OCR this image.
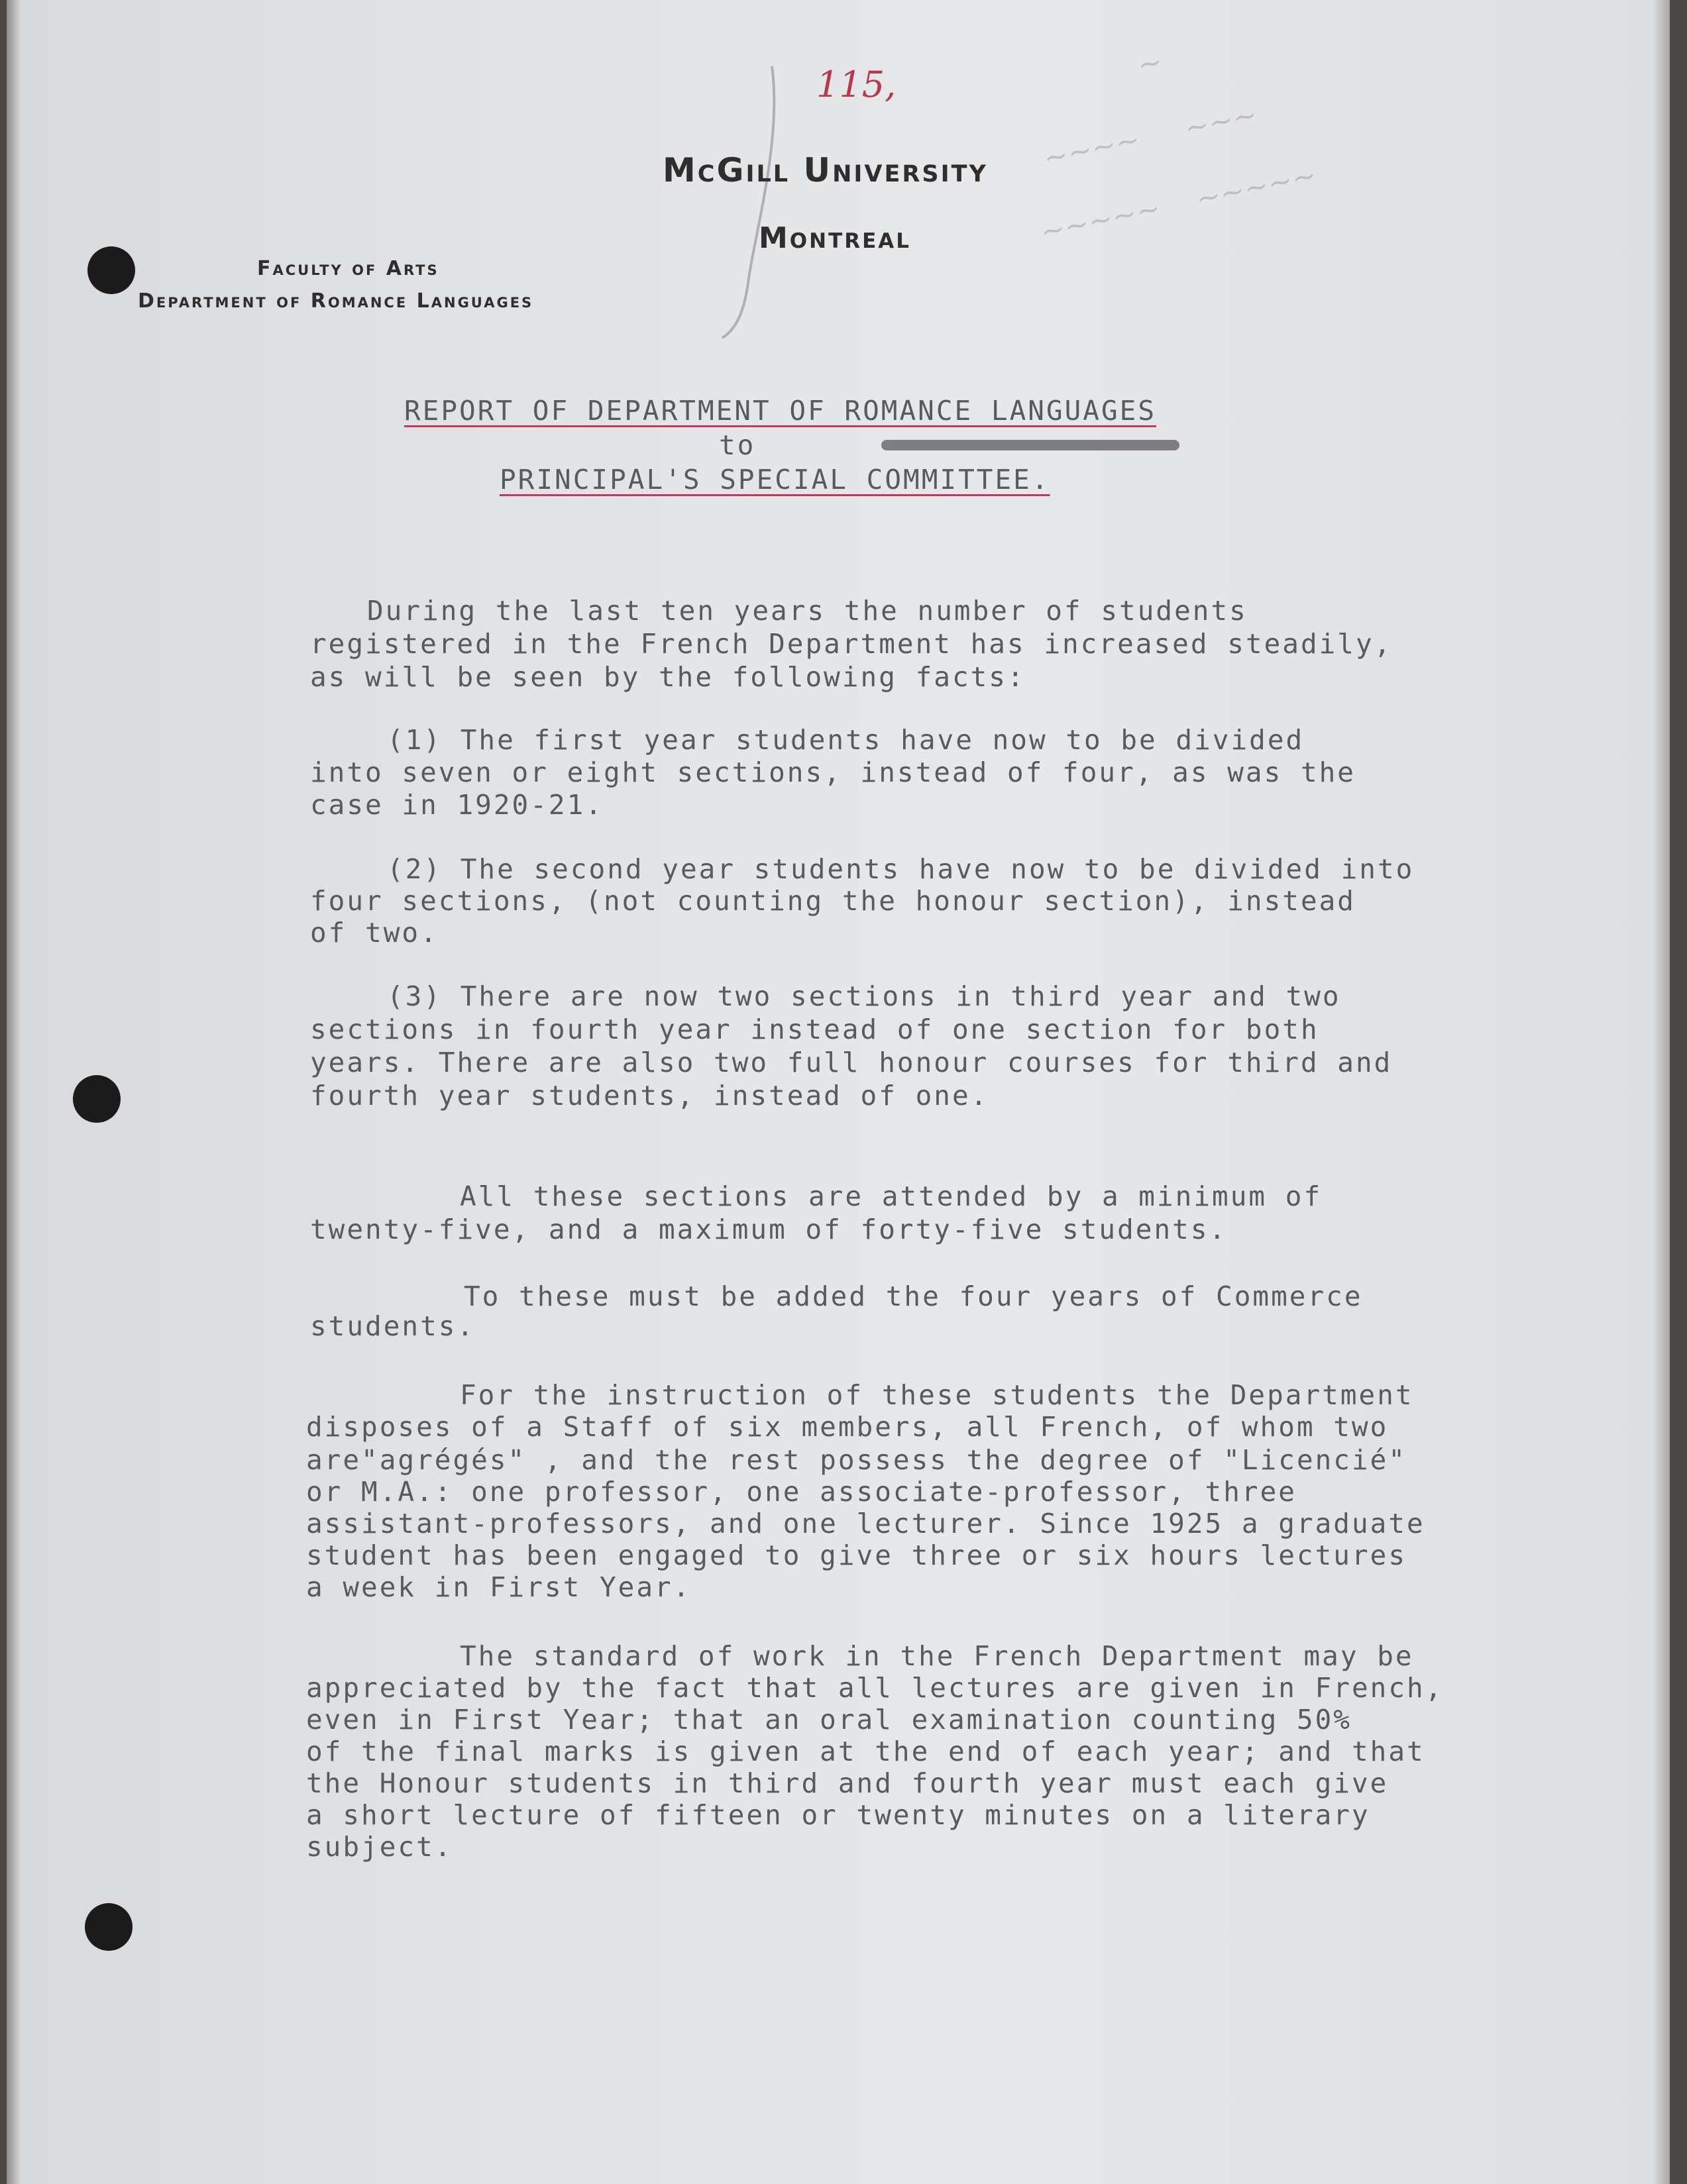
115,	~
~~~~     ~~~
~~~~~    ~~~~~

McGill University
Montreal
Faculty of Arts
Department of Romance Languages
REPORT OF DEPARTMENT OF ROMANCE LANGUAGES
to
PRINCIPAL'S SPECIAL COMMITTEE.
During the last ten years the number of students
registered in the French Department has increased steadily,
as will be seen by the following facts:
(1) The first year students have now to be divided
into seven or eight sections, instead of four, as was the
case in 1920-21.
(2) The second year students have now to be divided into
four sections, (not counting the honour section), instead
of two.
(3) There are now two sections in third year and two
sections in fourth year instead of one section for both
years. There are also two full honour courses for third and
fourth year students, instead of one.
All these sections are attended by a minimum of
twenty-five, and a maximum of forty-five students.
To these must be added the four years of Commerce
students.
For the instruction of these students the Department
disposes of a Staff of six members, all French, of whom two
are"agrégés" , and the rest possess the degree of "Licencié"
or M.A.: one professor, one associate-professor, three
assistant-professors, and one lecturer. Since 1925 a graduate
student has been engaged to give three or six hours lectures
a week in First Year.
The standard of work in the French Department may be
appreciated by the fact that all lectures are given in French,
even in First Year; that an oral examination counting 50%
of the final marks is given at the end of each year; and that
the Honour students in third and fourth year must each give
a short lecture of fifteen or twenty minutes on a literary
subject.
